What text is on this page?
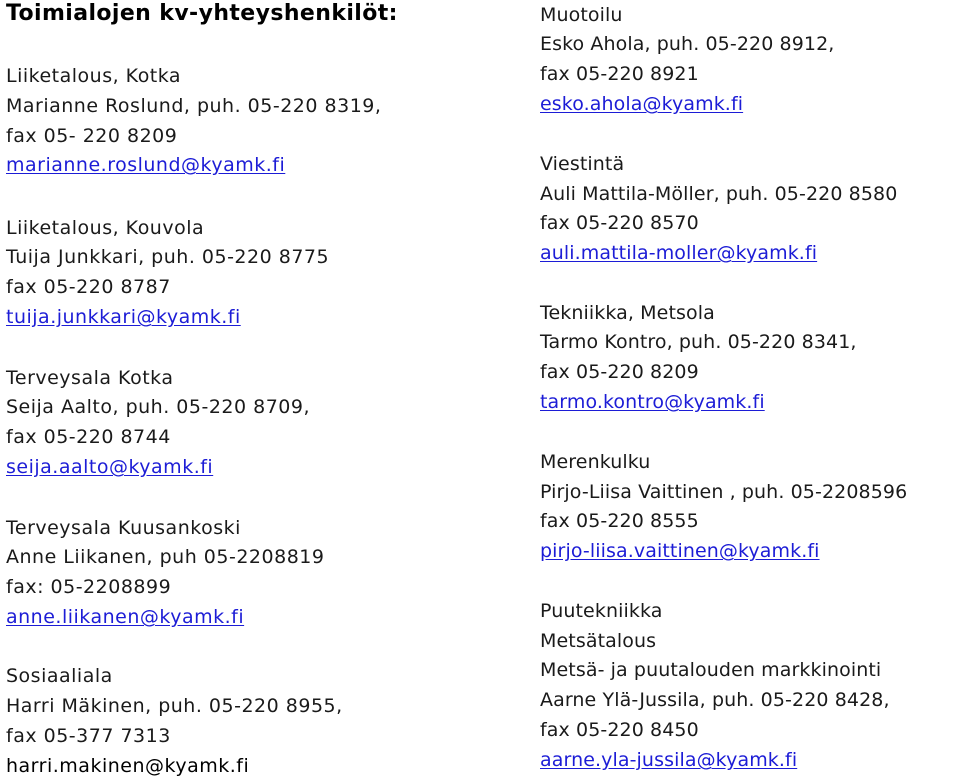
Toimialojen kv-yhteyshenkilöt:
Liiketalous, Kotka
Marianne Roslund, puh. 05-220 8319,
fax 05- 220 8209
marianne.roslund@kyamk.fi
Liiketalous, Kouvola
Tuija Junkkari, puh. 05-220 8775
fax 05-220 8787
tuija.junkkari@kyamk.fi
Terveysala Kotka
Seija Aalto, puh. 05-220 8709,
fax 05-220 8744
seija.aalto@kyamk.fi
Terveysala Kuusankoski
Anne Liikanen, puh 05-2208819
fax: 05-2208899
anne.liikanen@kyamk.fi
Sosiaaliala
Harri Mäkinen, puh. 05-220 8955,
fax 05-377 7313
harri.makinen@kyamk.fi
Muotoilu
Esko Ahola, puh. 05-220 8912,
fax 05-220 8921
esko.ahola@kyamk.fi
Viestintä
Auli Mattila-Möller, puh. 05-220 8580
fax 05-220 8570
auli.mattila-moller@kyamk.fi
Tekniikka, Metsola
Tarmo Kontro, puh. 05-220 8341,
fax 05-220 8209
tarmo.kontro@kyamk.fi
Merenkulku
Pirjo-Liisa Vaittinen , puh. 05-2208596
fax 05-220 8555
pirjo-liisa.vaittinen@kyamk.fi
Puutekniikka
Metsätalous
Metsä- ja puutalouden markkinointi
Aarne Ylä-Jussila, puh. 05-220 8428,
fax 05-220 8450
aarne.yla-jussila@kyamk.fi
